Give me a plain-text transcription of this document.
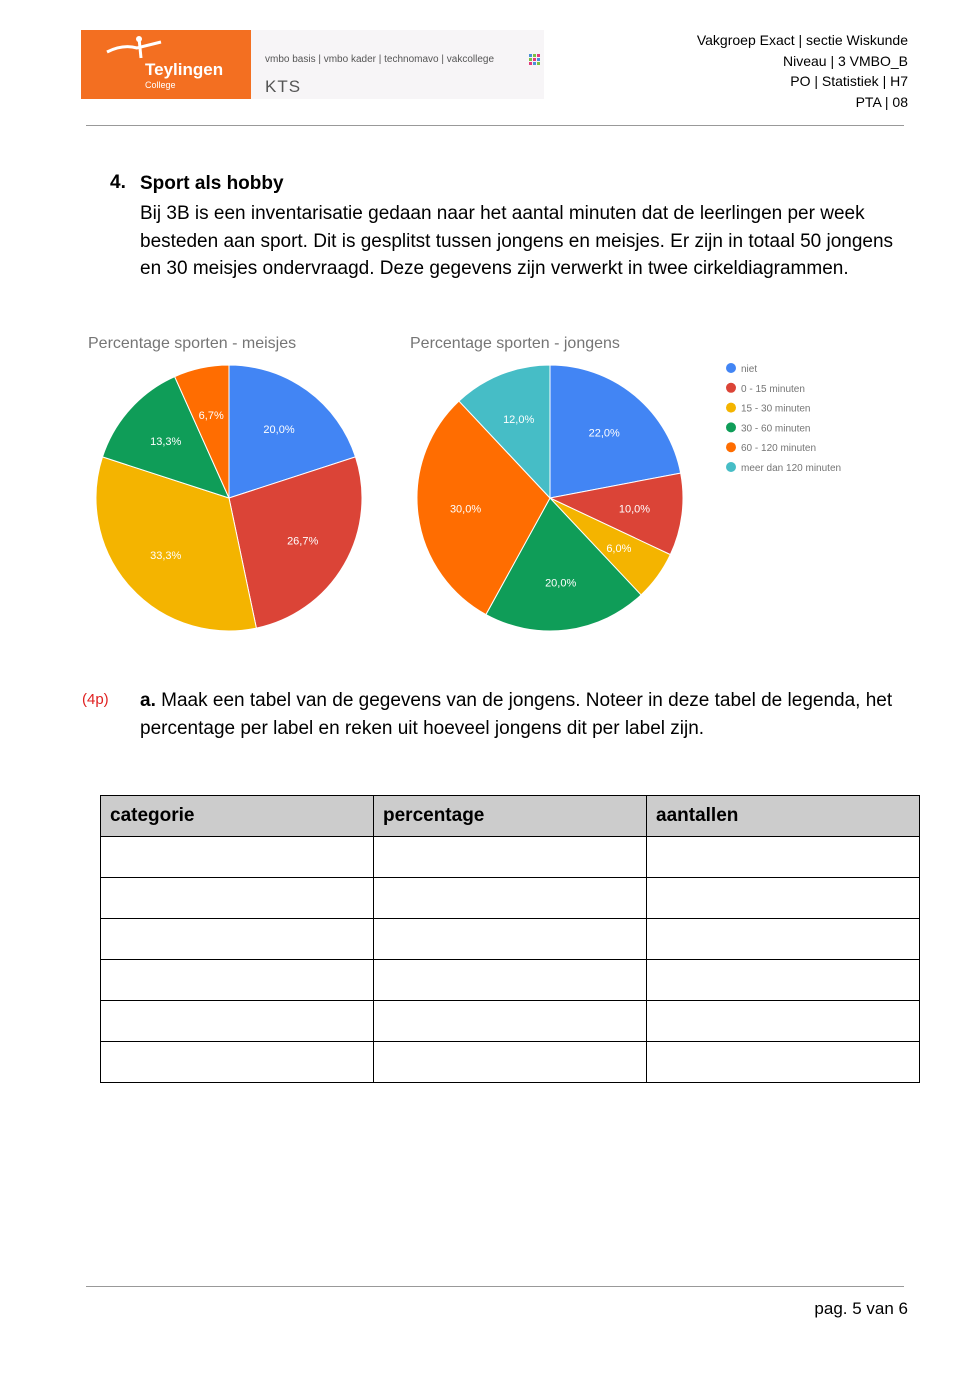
Teylingen
College
vmbo basis | vmbo kader | technomavo | vakcollege
KTS
Vakgroep Exact | sectie Wiskunde
Niveau | 3 VMBO_B
PO | Statistiek | H7
PTA | 08
4. Sport als hobby
Bij 3B is een inventarisatie gedaan naar het aantal minuten dat de leerlingen per week besteden aan sport. Dit is gesplitst tussen jongens en meisjes. Er zijn in totaal 50 jongens en 30 meisjes ondervraagd. Deze gegevens zijn verwerkt in twee cirkeldiagrammen.
Percentage sporten - meisjes	Percentage sporten - jongens
20,0%
26,7%
33,3%
13,3%
6,7%
22,0%
10,0%
6,0%
20,0%
30,0%
12,0%
niet
0 - 15 minuten
15 - 30 minuten
30 - 60 minuten
60 - 120 minuten
meer dan 120 minuten
(4p) a. Maak een tabel van de gegevens van de jongens. Noteer in deze tabel de legenda, het percentage per label en reken uit hoeveel jongens dit per label zijn.
categorie	percentage	aantallen

pag. 5 van 6
